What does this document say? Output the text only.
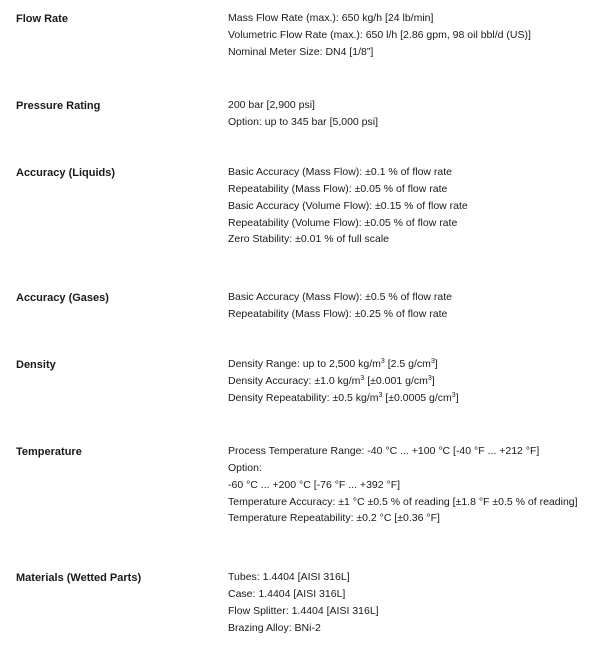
Flow Rate	Mass Flow Rate (max.): 650 kg/h [24 lb/min]
Volumetric Flow Rate (max.): 650 l/h [2.86 gpm, 98 oil bbl/d (US)]
Nominal Meter Size: DN4 [1/8”]
Pressure Rating	200 bar [2,900 psi]
Option: up to 345 bar [5,000 psi]
Accuracy (Liquids)	Basic Accuracy (Mass Flow): ±0.1 % of flow rate
Repeatability (Mass Flow): ±0.05 % of flow rate
Basic Accuracy (Volume Flow): ±0.15 % of flow rate
Repeatability (Volume Flow): ±0.05 % of flow rate
Zero Stability: ±0.01 % of full scale
Accuracy (Gases)	Basic Accuracy (Mass Flow): ±0.5 % of flow rate
Repeatability (Mass Flow): ±0.25 % of flow rate
Density	Density Range: up to 2,500 $kg/m^3$ [2.5 $g/cm^3$]
Density Accuracy: ±1.0 $kg/m^3$ [±0.001 $g/cm^3$]
Density Repeatability: ±0.5 $kg/m^3$ [±0.0005 $g/cm^3$]
Temperature	Process Temperature Range: -40 °C ... +100 °C [-40 °F ... +212 °F]
Option:
-60 °C ... +200 °C [-76 °F ... +392 °F]
Temperature Accuracy: ±1 °C ±0.5 % of reading [±1.8 °F ±0.5 % of reading]
Temperature Repeatability: ±0.2 °C [±0.36 °F]
Materials (Wetted Parts)	Tubes: 1.4404 [AISI 316L]
Case: 1.4404 [AISI 316L]
Flow Splitter: 1.4404 [AISI 316L]
Brazing Alloy: BNi-2
